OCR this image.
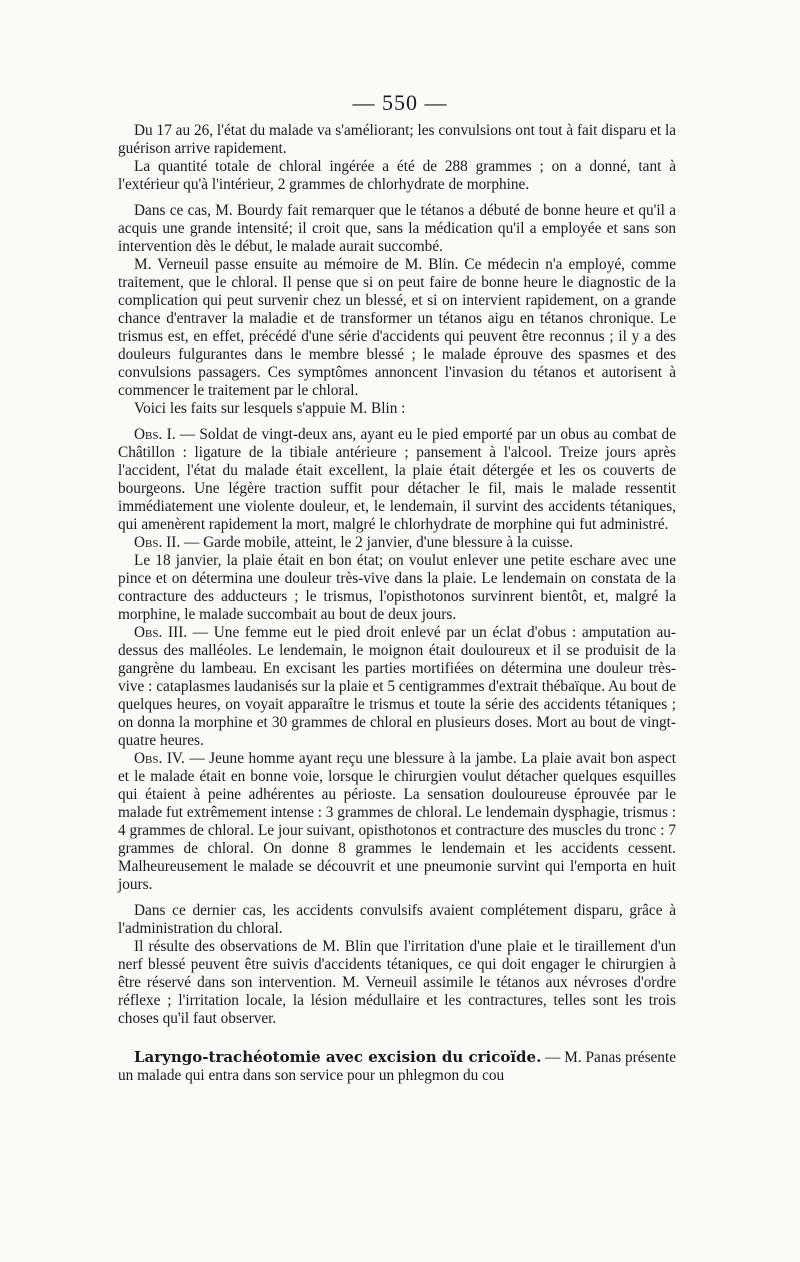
— 550 —

Du 17 au 26, l'état du malade va s'améliorant; les convulsions ont tout à fait disparu et la guérison arrive rapidement.

La quantité totale de chloral ingérée a été de 288 grammes ; on a donné, tant à l'extérieur qu'à l'intérieur, 2 grammes de chlorhydrate de morphine.

Dans ce cas, M. Bourdy fait remarquer que le tétanos a débuté de bonne heure et qu'il a acquis une grande intensité; il croit que, sans la médication qu'il a employée et sans son intervention dès le début, le malade aurait succombé.

M. Verneuil passe ensuite au mémoire de M. Blin. Ce médecin n'a employé, comme traitement, que le chloral. Il pense que si on peut faire de bonne heure le diagnostic de la complication qui peut survenir chez un blessé, et si on intervient rapidement, on a grande chance d'entraver la maladie et de transformer un tétanos aigu en tétanos chronique. Le trismus est, en effet, précédé d'une série d'accidents qui peuvent être reconnus ; il y a des douleurs fulgurantes dans le membre blessé ; le malade éprouve des spasmes et des convulsions passagers. Ces symptômes annoncent l'invasion du tétanos et autorisent à commencer le traitement par le chloral.

Voici les faits sur lesquels s'appuie M. Blin :

Obs. I. — Soldat de vingt-deux ans, ayant eu le pied emporté par un obus au combat de Châtillon : ligature de la tibiale antérieure ; pansement à l'alcool. Treize jours après l'accident, l'état du malade était excellent, la plaie était détergée et les os couverts de bourgeons. Une légère traction suffit pour détacher le fil, mais le malade ressentit immédiatement une violente douleur, et, le lendemain, il survint des accidents tétaniques, qui amenèrent rapidement la mort, malgré le chlorhydrate de morphine qui fut administré.

Obs. II. — Garde mobile, atteint, le 2 janvier, d'une blessure à la cuisse.

Le 18 janvier, la plaie était en bon état; on voulut enlever une petite eschare avec une pince et on détermina une douleur très-vive dans la plaie. Le lendemain on constata de la contracture des adducteurs ; le trismus, l'opisthotonos survinrent bientôt, et, malgré la morphine, le malade succombait au bout de deux jours.

Obs. III. — Une femme eut le pied droit enlevé par un éclat d'obus : amputation au-dessus des malléoles. Le lendemain, le moignon était douloureux et il se produisit de la gangrène du lambeau. En excisant les parties mortifiées on détermina une douleur très-vive : cataplasmes laudanisés sur la plaie et 5 centigrammes d'extrait thébaïque. Au bout de quelques heures, on voyait apparaître le trismus et toute la série des accidents tétaniques ; on donna la morphine et 30 grammes de chloral en plusieurs doses. Mort au bout de vingt-quatre heures.

Obs. IV. — Jeune homme ayant reçu une blessure à la jambe. La plaie avait bon aspect et le malade était en bonne voie, lorsque le chirurgien voulut détacher quelques esquilles qui étaient à peine adhérentes au périoste. La sensation douloureuse éprouvée par le malade fut extrêmement intense : 3 grammes de chloral. Le lendemain dysphagie, trismus : 4 grammes de chloral. Le jour suivant, opisthotonos et contracture des muscles du tronc : 7 grammes de chloral. On donne 8 grammes le lendemain et les accidents cessent. Malheureusement le malade se découvrit et une pneumonie survint qui l'emporta en huit jours.

Dans ce dernier cas, les accidents convulsifs avaient complétement disparu, grâce à l'administration du chloral.

Il résulte des observations de M. Blin que l'irritation d'une plaie et le tiraillement d'un nerf blessé peuvent être suivis d'accidents tétaniques, ce qui doit engager le chirurgien à être réservé dans son intervention. M. Verneuil assimile le tétanos aux névroses d'ordre réflexe ; l'irritation locale, la lésion médullaire et les contractures, telles sont les trois choses qu'il faut observer.

Laryngo-trachéotomie avec excision du cricoïde. — M. Panas présente un malade qui entra dans son service pour un phlegmon du cou
